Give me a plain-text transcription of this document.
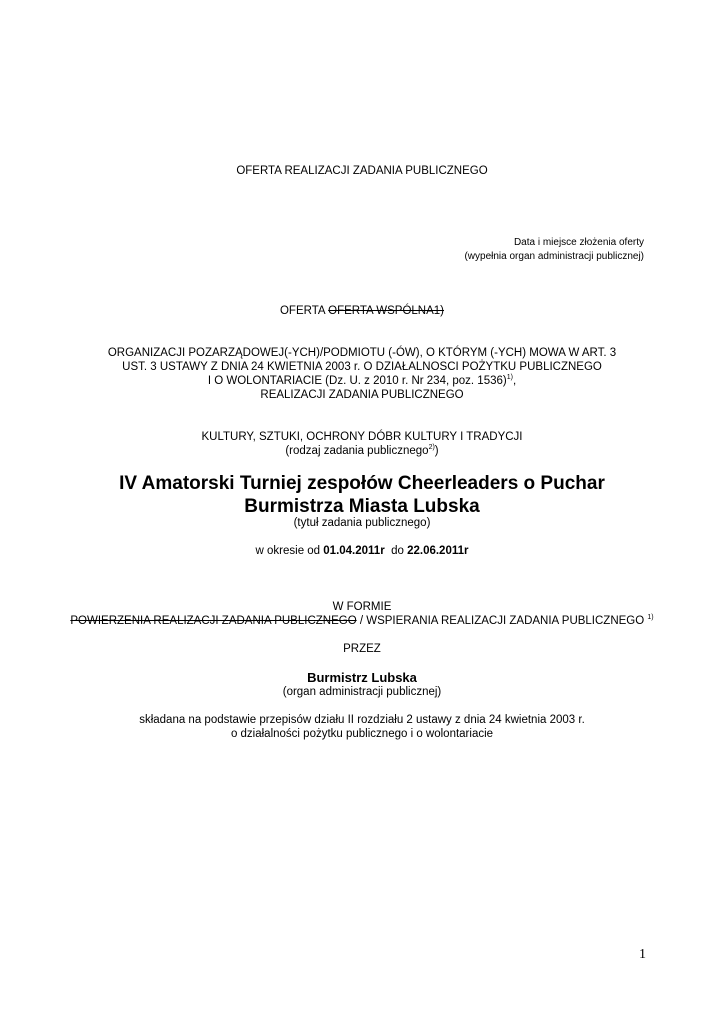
OFERTA REALIZACJI ZADANIA PUBLICZNEGO
Data i miejsce złożenia oferty
(wypełnia organ administracji publicznej)
OFERTA OFERTA WSPÓLNA1)
ORGANIZACJI POZARZĄDOWEJ(-YCH)/PODMIOTU (-ÓW), O KTÓRYM (-YCH) MOWA W ART. 3
UST. 3 USTAWY Z DNIA 24 KWIETNIA 2003 r. O DZIAŁALNOSCI POŻYTKU PUBLICZNEGO
I O WOLONTARIACIE (Dz. U. z 2010 r. Nr 234, poz. 1536)$^{1)}$,
REALIZACJI ZADANIA PUBLICZNEGO
KULTURY, SZTUKI, OCHRONY DÓBR KULTURY I TRADYCJI
(rodzaj zadania publicznego$^{2)}$)
IV Amatorski Turniej zespołów Cheerleaders o Puchar
Burmistrza Miasta Lubska
(tytuł zadania publicznego)
w okresie od 01.04.2011r do 22.06.2011r
W FORMIE
POWIERZENIA REALIZACJI ZADANIA PUBLICZNEGO / WSPIERANIA REALIZACJI ZADANIA PUBLICZNEGO $^{1)}$
PRZEZ
Burmistrz Lubska
(organ administracji publicznej)
składana na podstawie przepisów działu II rozdziału 2 ustawy z dnia 24 kwietnia 2003 r.
o działalności pożytku publicznego i o wolontariacie
1
